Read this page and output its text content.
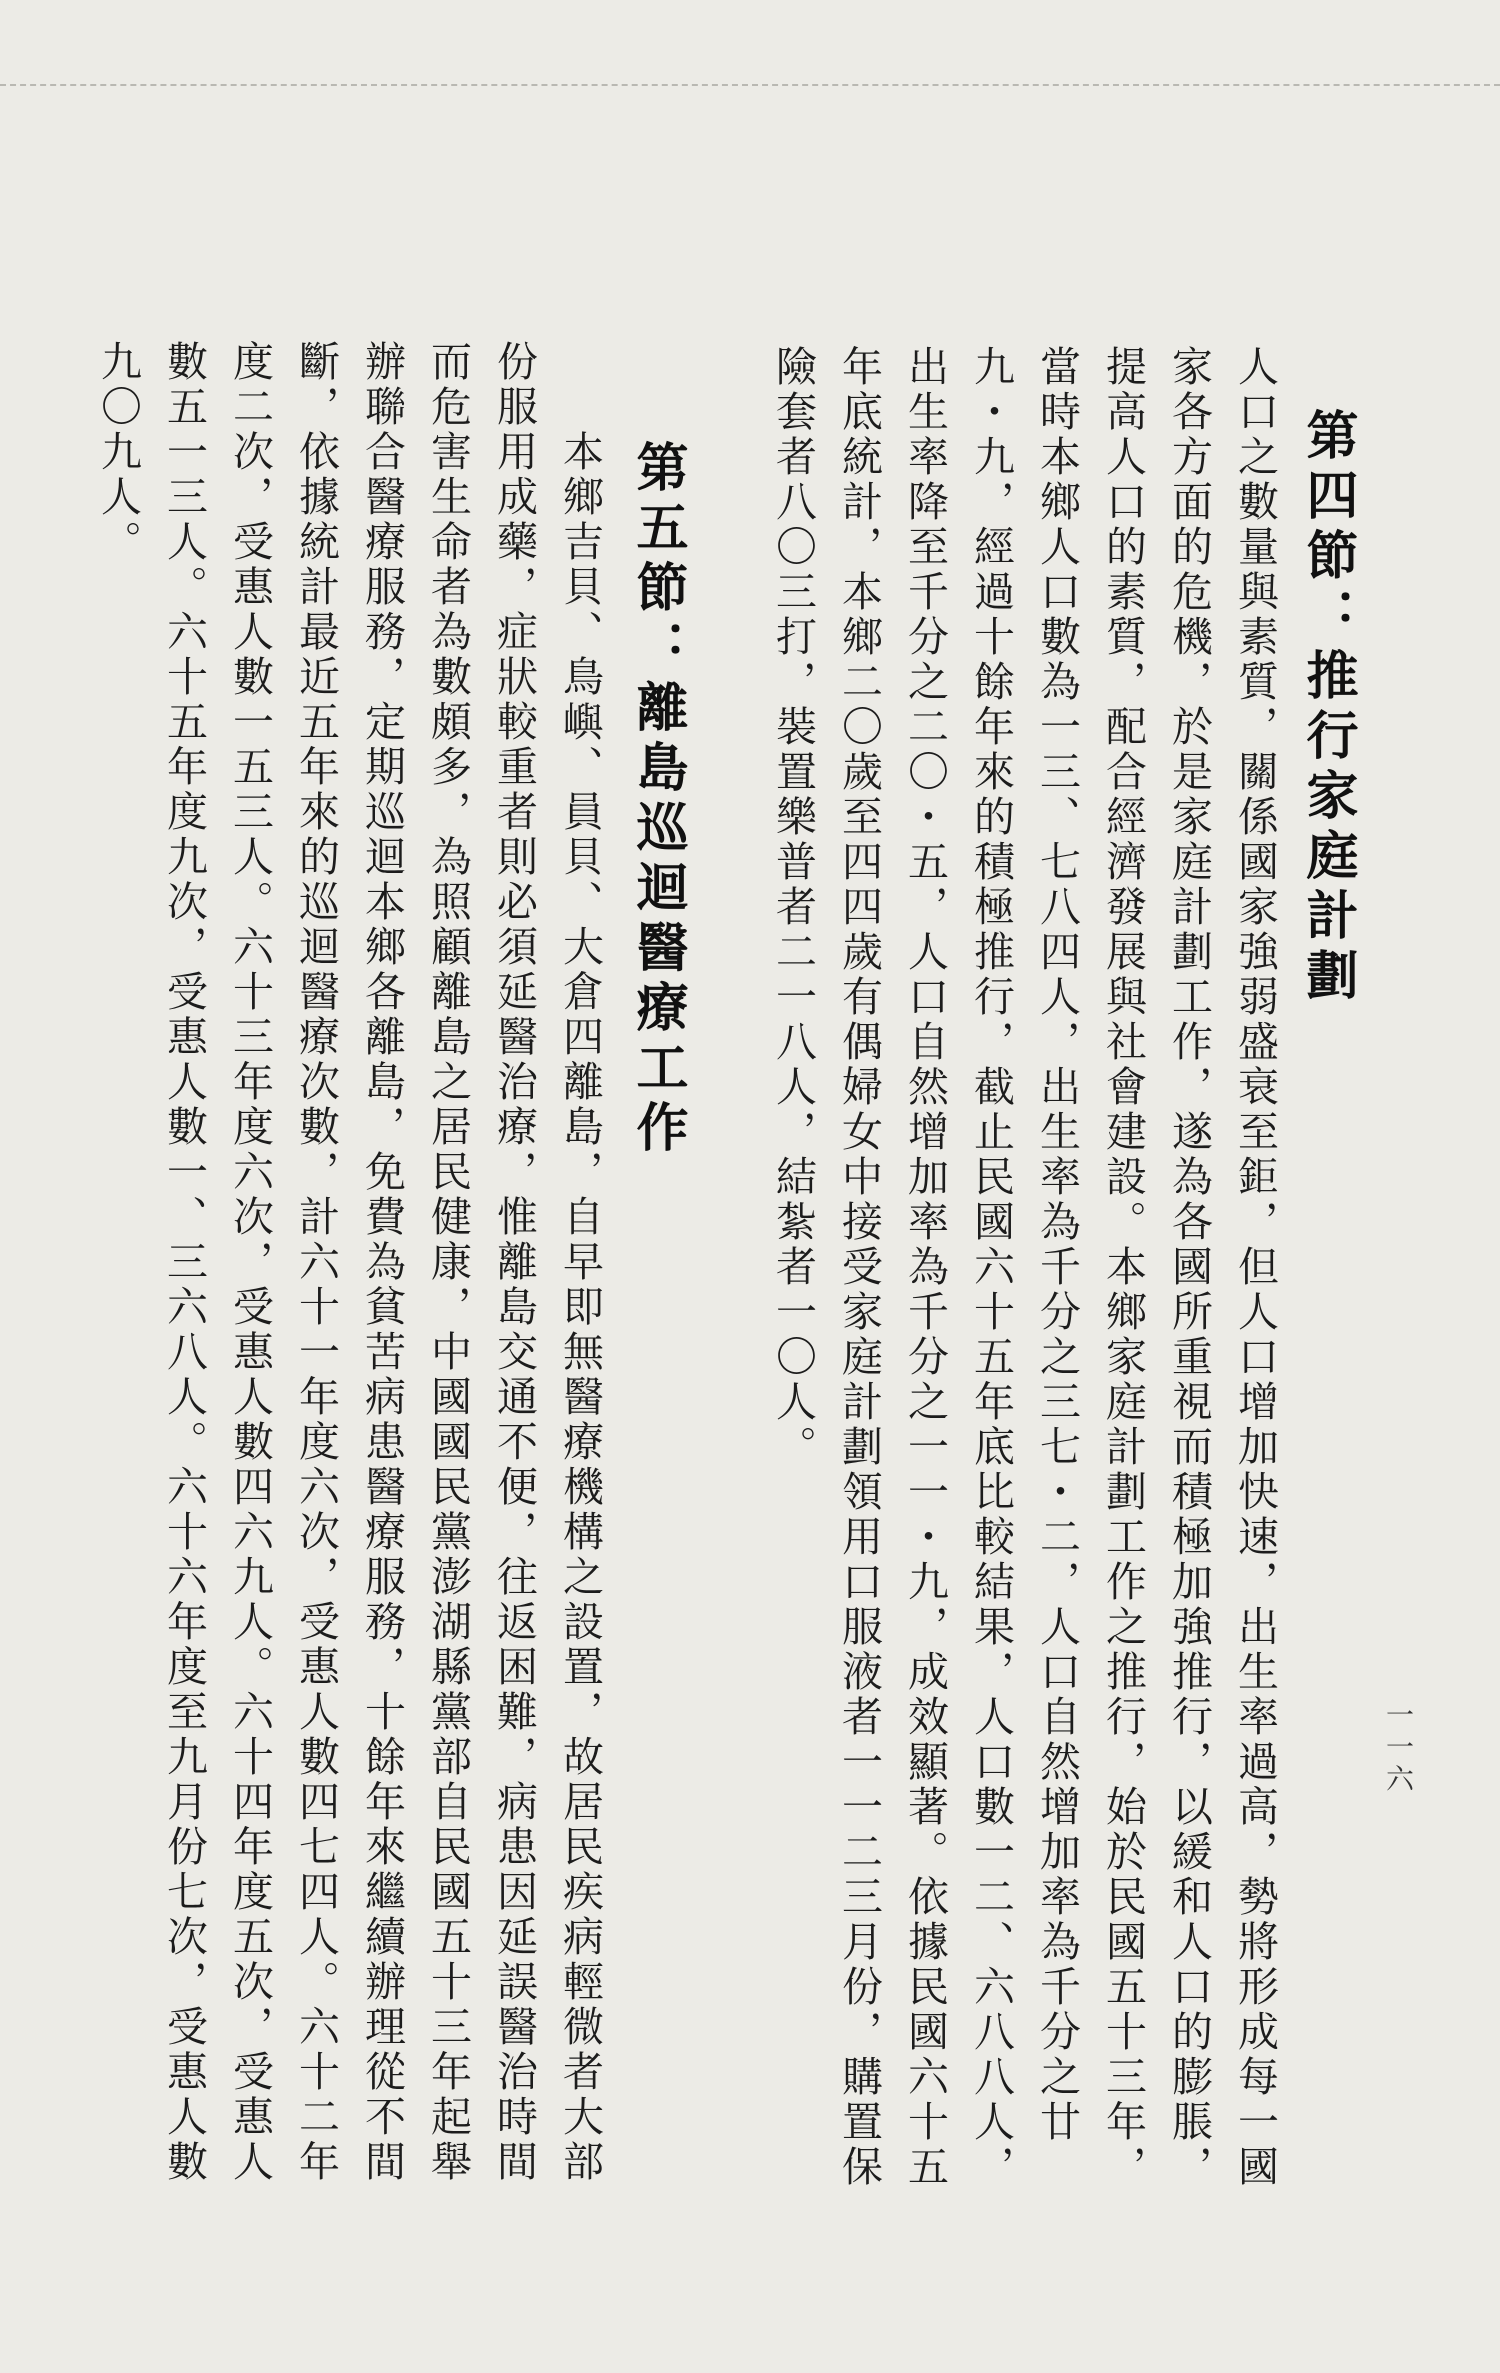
一一六
第四節：推行家庭計劃
人口之數量與素質，關係國家強弱盛衰至鉅，但人口增加快速，出生率過高，勢將形成每一國家各方面的危機，於是家庭計劃工作，遂為各國所重視而積極加強推行，以緩和人口的膨脹，提高人口的素質，配合經濟發展與社會建設。本鄉家庭計劃工作之推行，始於民國五十三年，當時本鄉人口數為一三、七八四人，出生率為千分之三七・二，人口自然增加率為千分之廿九・九，經過十餘年來的積極推行，截止民國六十五年底比較結果，人口數一二、六八八人，出生率降至千分之二〇・五，人口自然增加率為千分之一一・九，成效顯著。依據民國六十五年底統計，本鄉二〇歲至四四歲有偶婦女中接受家庭計劃領用口服液者一一二三月份，購置保險套者八〇三打，裝置樂普者二一八人，結紮者一〇人。
第五節：離島巡迴醫療工作
　　本鄉吉貝、鳥嶼、員貝、大倉四離島，自早即無醫療機構之設置，故居民疾病輕微者大部份服用成藥，症狀較重者則必須延醫治療，惟離島交通不便，往返困難，病患因延誤醫治時間而危害生命者為數頗多，為照顧離島之居民健康，中國國民黨澎湖縣黨部自民國五十三年起舉辦聯合醫療服務，定期巡迴本鄉各離島，免費為貧苦病患醫療服務，十餘年來繼續辦理從不間斷，依據統計最近五年來的巡迴醫療次數，計六十一年度六次，受惠人數四七四人。六十二年度二次，受惠人數一五三人。六十三年度六次，受惠人數四六九人。六十四年度五次，受惠人數五一三人。六十五年度九次，受惠人數一、三六八人。六十六年度至九月份七次，受惠人數九〇九人。
